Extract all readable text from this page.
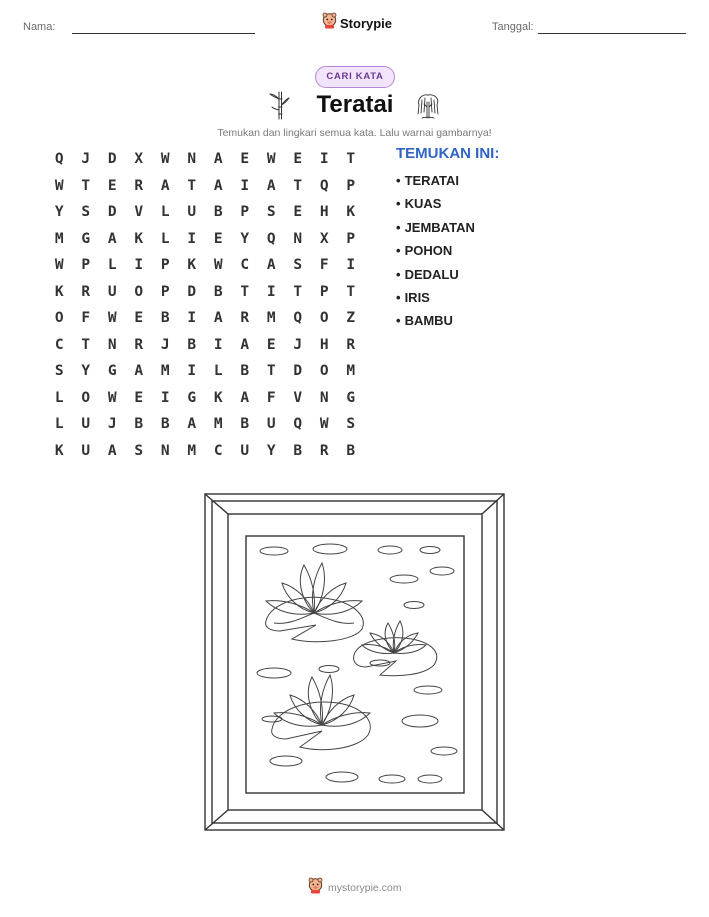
Nama:	Storypie	Tanggal:
CARI KATA
Teratai
Temukan dan lingkari semua kata. Lalu warnai gambarnya!
Q	J	D	X	W	N	A	E	W	E	I	T
W	T	E	R	A	T	A	I	A	T	Q	P
Y	S	D	V	L	U	B	P	S	E	H	K
M	G	A	K	L	I	E	Y	Q	N	X	P
W	P	L	I	P	K	W	C	A	S	F	I
K	R	U	O	P	D	B	T	I	T	P	T
O	F	W	E	B	I	A	R	M	Q	O	Z
C	T	N	R	J	B	I	A	E	J	H	R
S	Y	G	A	M	I	L	B	T	D	O	M
L	O	W	E	I	G	K	A	F	V	N	G
L	U	J	B	B	A	M	B	U	Q	W	S
K	U	A	S	N	M	C	U	Y	B	R	B
TEMUKAN INI:
• TERATAI
• KUAS
• JEMBATAN
• POHON
• DEDALU
• IRIS
• BAMBU
mystorypie.com
